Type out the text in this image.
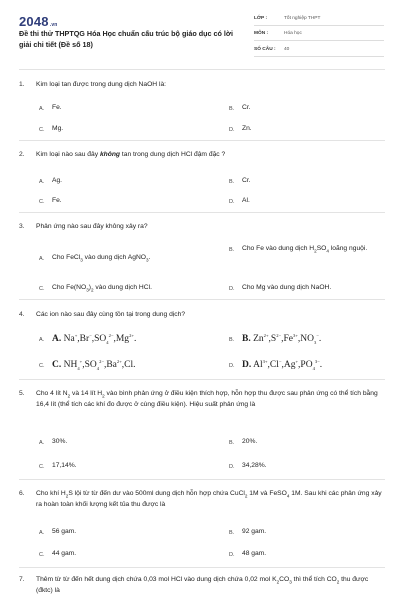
2048.vn
Đề thi thử THPTQG Hóa Học chuẩn cấu trúc bộ giáo dục có lời giải chi tiết (Đề số 18)
LỚP :	Tốt nghiệp THPT
MÔN :	Hóa học
SỐ CÂU :	40
1.	Kim loại tan được trong dung dịch NaOH là:
A.	Fe.	B.	Cr.
C.	Mg.	D.	Zn.
2.	Kim loại nào sau đây không tan trong dung dịch HCl đậm đặc ?
A.	Ag.	B.	Cr.
C.	Fe.	D.	Al.
3.	Phản ứng nào sau đây không xảy ra?
A.	Cho FeCl$_3$ vào dung dịch AgNO$_3$.
B.	Cho Fe vào dung dịch $H_2SO_4$ loãng nguội.
C.	Cho $Fe(NO_3)_2$ vào dung dịch HCl.	D.	Cho Mg vào dung dịch NaOH.
4.	Các ion nào sau đây cùng tồn tại trong dung dịch?
A. A. $Na^+,Br^-,SO_4^{2-},Mg^{2+}$.	B. B. $Zn^{2+},S^{2-},Fe^{3+},NO_3^-$.
C. C. $NH_4^+,SO_4^{2-},Ba^{2+},Cl$.	D. D. $Al^{3+},Cl^-,Ag^+,PO_4^{3-}$.
5.	Cho 4 lít $N_2$ và 14 lít $H_2$ vào bình phản ứng ở điều kiện thích hợp, hỗn hợp thu được sau phản ứng có thể tích bằng 16,4 lít (thể tích các khí đo được ở cùng điều kiện). Hiệu suất phản ứng là
A.	30%.	B.	20%.
C.	17,14%.	D.	34,28%.
6.	Cho khí $H_2S$ lội từ từ đến dư vào 500ml dung dịch hỗn hợp chứa CuCl$_2$ 1M và FeSO$_4$ 1M. Sau khi các phản ứng xảy ra hoàn toàn khối lượng kết tủa thu được là
A.	56 gam.	B.	92 gam.
C.	44 gam.	D.	48 gam.
7.	Thêm từ từ đến hết dung dịch chứa 0,03 mol HCl vào dung dịch chứa 0,02 mol $K_2CO_3$ thì thể tích $CO_2$ thu được (đktc) là
